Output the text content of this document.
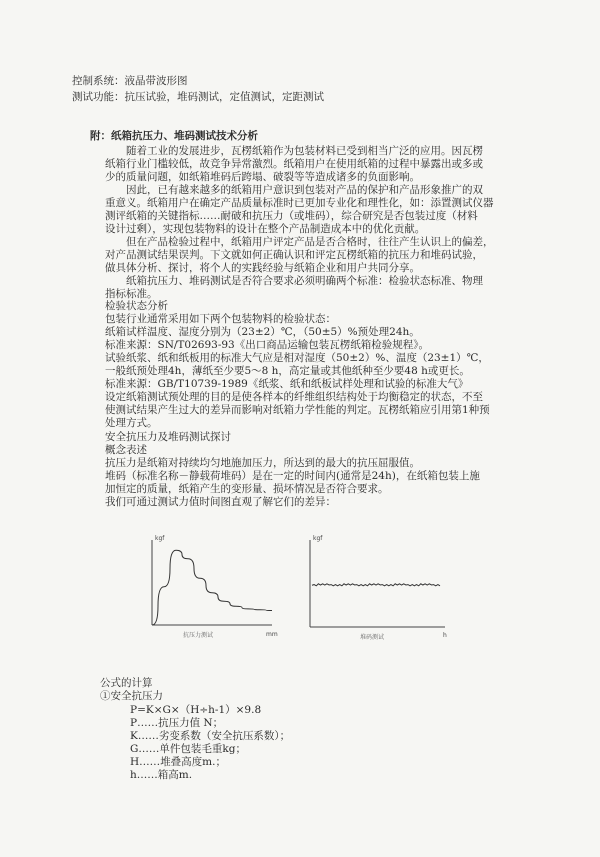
控制系统：液晶带波形图
测试功能：抗压试验，堆码测试，定值测试，定距测试
附：纸箱抗压力、堆码测试技术分析
随着工业的发展进步，瓦楞纸箱作为包装材料已受到相当广泛的应用。因瓦楞
纸箱行业门槛较低，故竞争异常激烈。纸箱用户在使用纸箱的过程中暴露出或多或
少的质量问题，如纸箱堆码后跨塌、破裂等等造成诸多的负面影响。
因此，已有越来越多的纸箱用户意识到包装对产品的保护和产品形象推广的双
重意义。纸箱用户在确定产品质量标准时已更加专业化和理性化，如：添置测试仪器
测评纸箱的关键指标……耐破和抗压力（或堆码），综合研究是否包装过度（材料
设计过剩），实现包装物料的设计在整个产品制造成本中的优化贡献。
但在产品检验过程中，纸箱用户评定产品是否合格时，往往产生认识上的偏差，
对产品测试结果误判。下文就如何正确认识和评定瓦楞纸箱的抗压力和堆码试验，
做具体分析、探讨，将个人的实践经验与纸箱企业和用户共同分享。
纸箱抗压力、堆码测试是否符合要求必须明确两个标准：检验状态标准、物理
指标标准。
检验状态分析
包装行业通常采用如下两个包装物料的检验状态：
纸箱试样温度、湿度分别为（23±2）℃，（50±5）%预处理24h。
标准来源：SN/T02693-93《出口商品运输包装瓦楞纸箱检验规程》。
试验纸浆、纸和纸板用的标准大气应是相对湿度（50±2）%、温度（23±1）℃，
一般纸预处理4h，薄纸至少要5～8 h，高定量或其他纸种至少要48 h或更长。
标准来源：GB/T10739-1989《纸浆、纸和纸板试样处理和试验的标准大气》
设定纸箱测试预处理的目的是使各样本的纤维组织结构处于均衡稳定的状态，不至
使测试结果产生过大的差异而影响对纸箱力学性能的判定。瓦楞纸箱应引用第1种预
处理方式。
安全抗压力及堆码测试探讨
概念表述
抗压力是纸箱对持续均匀地施加压力，所达到的最大的抗压屈服值。
堆码（标准名称－静载荷堆码）是在一定的时间内(通常是24h)，在纸箱包装上施
加恒定的质量，纸箱产生的变形量、损坏情况是否符合要求。
我们可通过测试力值时间图直观了解它们的差异：
kgf
抗压力测试	mm
kgf
堆码测试	h
公式的计算
①安全抗压力
P=K×G×（H÷h-1）×9.8
P……抗压力值 N；
K……劣变系数（安全抗压系数）；
G……单件包装毛重kg；
H……堆叠高度m.；
h……箱高m.
